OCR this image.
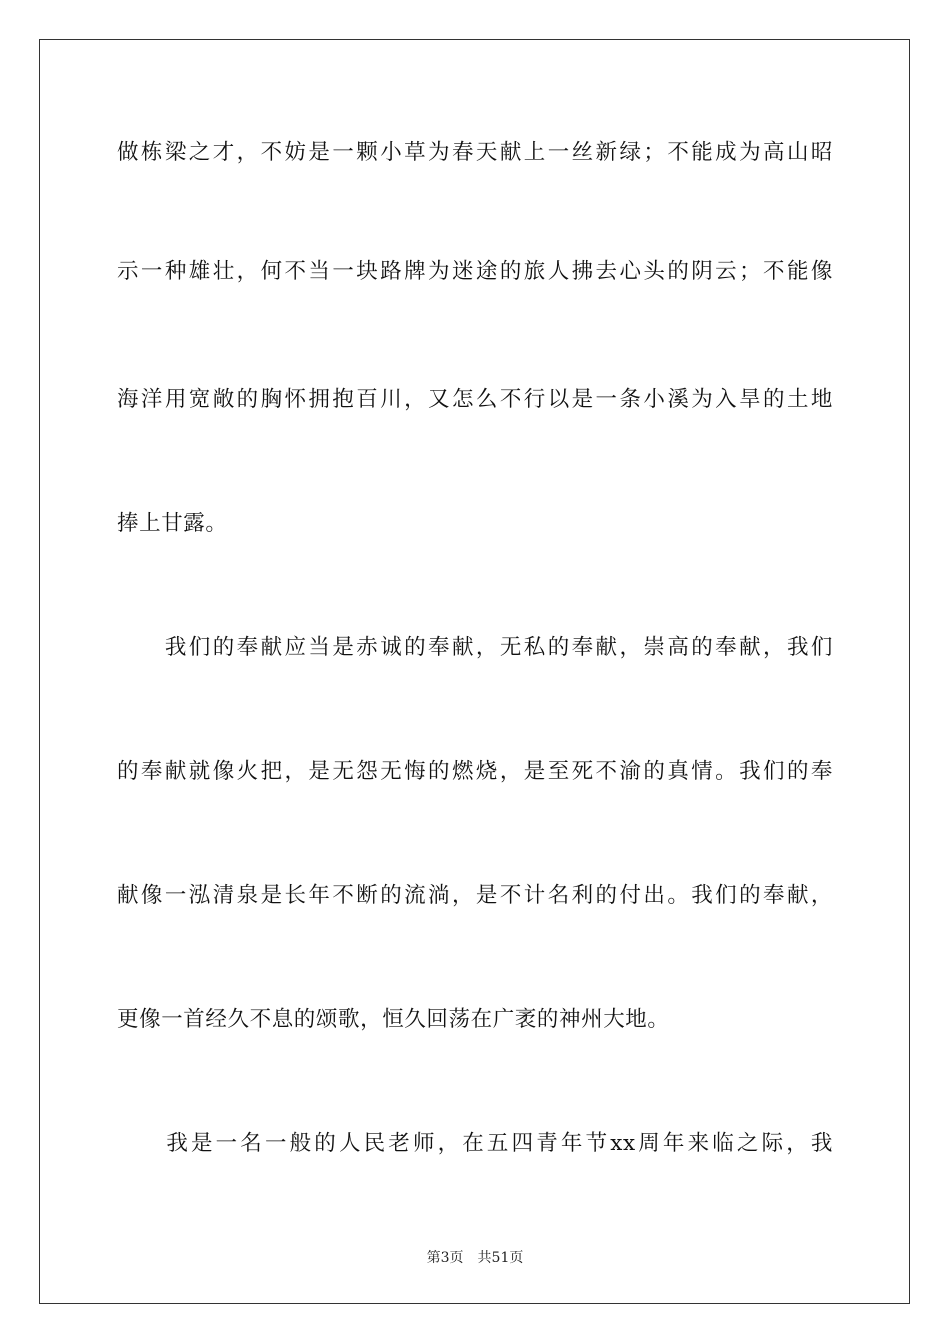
做栋梁之才，不妨是一颗小草为春天献上一丝新绿；不能成为高山昭
示一种雄壮，何不当一块路牌为迷途的旅人拂去心头的阴云；不能像
海洋用宽敞的胸怀拥抱百川，又怎么不行以是一条小溪为入旱的土地
捧上甘露。
　　我们的奉献应当是赤诚的奉献，无私的奉献，崇高的奉献，我们
的奉献就像火把，是无怨无悔的燃烧，是至死不渝的真情。我们的奉
献像一泓清泉是长年不断的流淌，是不计名利的付出。我们的奉献，
更像一首经久不息的颂歌，恒久回荡在广袤的神州大地。
　　我是一名一般的人民老师，在五四青年节xx周年来临之际，我
第3页 共51页
